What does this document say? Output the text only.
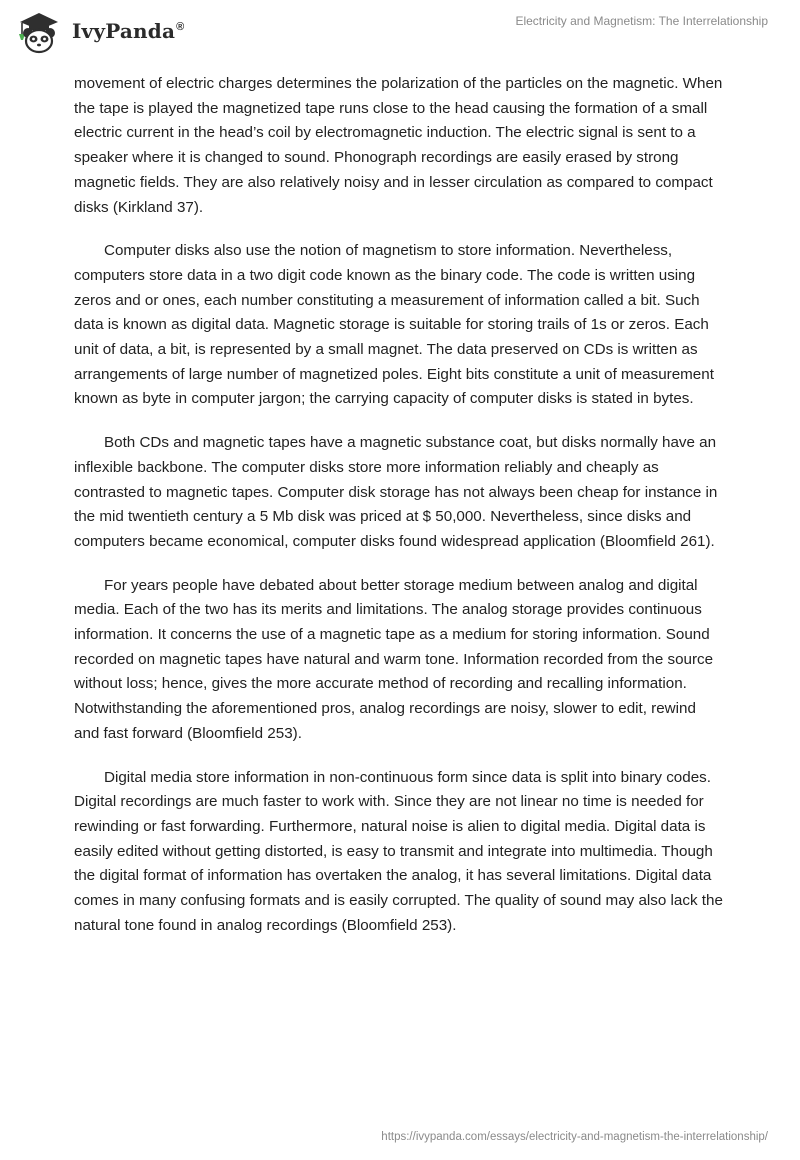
IvyPanda®	Electricity and Magnetism: The Interrelationship

movement of electric charges determines the polarization of the particles on the magnetic. When the tape is played the magnetized tape runs close to the head causing the formation of a small electric current in the head’s coil by electromagnetic induction. The electric signal is sent to a speaker where it is changed to sound. Phonograph recordings are easily erased by strong magnetic fields. They are also relatively noisy and in lesser circulation as compared to compact disks (Kirkland 37).

Computer disks also use the notion of magnetism to store information. Nevertheless, computers store data in a two digit code known as the binary code. The code is written using zeros and or ones, each number constituting a measurement of information called a bit. Such data is known as digital data. Magnetic storage is suitable for storing trails of 1s or zeros. Each unit of data, a bit, is represented by a small magnet. The data preserved on CDs is written as arrangements of large number of magnetized poles. Eight bits constitute a unit of measurement known as byte in computer jargon; the carrying capacity of computer disks is stated in bytes.

Both CDs and magnetic tapes have a magnetic substance coat, but disks normally have an inflexible backbone. The computer disks store more information reliably and cheaply as contrasted to magnetic tapes. Computer disk storage has not always been cheap for instance in the mid twentieth century a 5 Mb disk was priced at $ 50,000. Nevertheless, since disks and computers became economical, computer disks found widespread application (Bloomfield 261).

For years people have debated about better storage medium between analog and digital media. Each of the two has its merits and limitations. The analog storage provides continuous information. It concerns the use of a magnetic tape as a medium for storing information. Sound recorded on magnetic tapes have natural and warm tone. Information recorded from the source without loss; hence, gives the more accurate method of recording and recalling information. Notwithstanding the aforementioned pros, analog recordings are noisy, slower to edit, rewind and fast forward (Bloomfield 253).

Digital media store information in non-continuous form since data is split into binary codes. Digital recordings are much faster to work with. Since they are not linear no time is needed for rewinding or fast forwarding. Furthermore, natural noise is alien to digital media. Digital data is easily edited without getting distorted, is easy to transmit and integrate into multimedia. Though the digital format of information has overtaken the analog, it has several limitations. Digital data comes in many confusing formats and is easily corrupted. The quality of sound may also lack the natural tone found in analog recordings (Bloomfield 253).

https://ivypanda.com/essays/electricity-and-magnetism-the-interrelationship/
